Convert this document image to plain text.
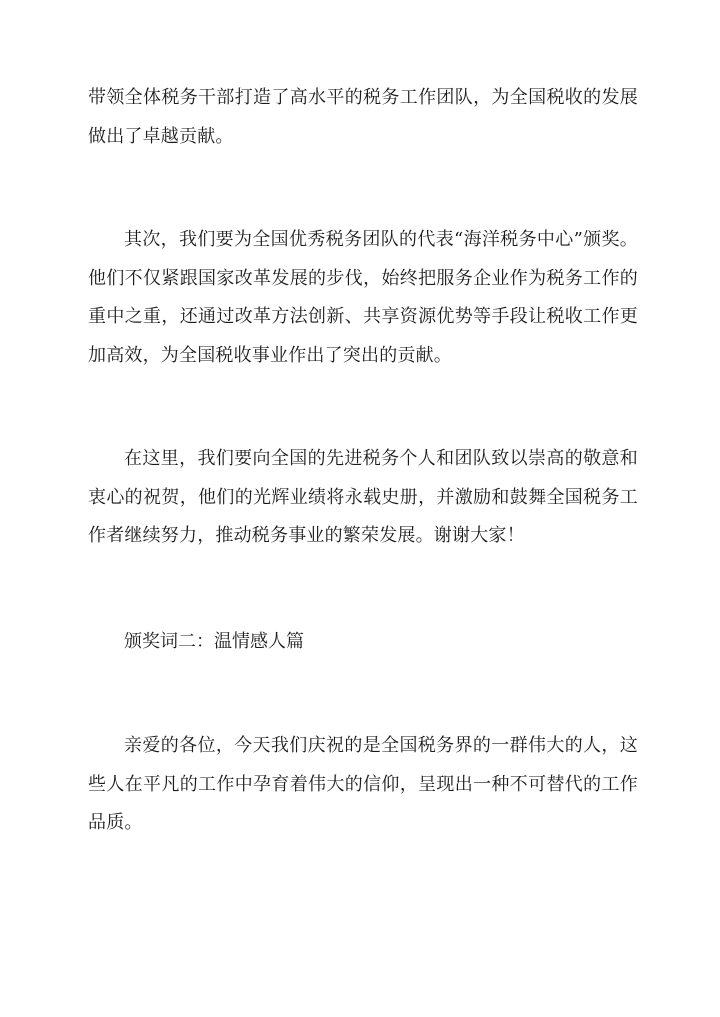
带领全体税务干部打造了高水平的税务工作团队，为全国税收的发展做出了卓越贡献。

其次，我们要为全国优秀税务团队的代表“海洋税务中心”颁奖。他们不仅紧跟国家改革发展的步伐，始终把服务企业作为税务工作的重中之重，还通过改革方法创新、共享资源优势等手段让税收工作更加高效，为全国税收事业作出了突出的贡献。

在这里，我们要向全国的先进税务个人和团队致以崇高的敬意和衷心的祝贺，他们的光辉业绩将永载史册，并激励和鼓舞全国税务工作者继续努力，推动税务事业的繁荣发展。谢谢大家！

颁奖词二：温情感人篇

亲爱的各位，今天我们庆祝的是全国税务界的一群伟大的人，这些人在平凡的工作中孕育着伟大的信仰，呈现出一种不可替代的工作品质。
